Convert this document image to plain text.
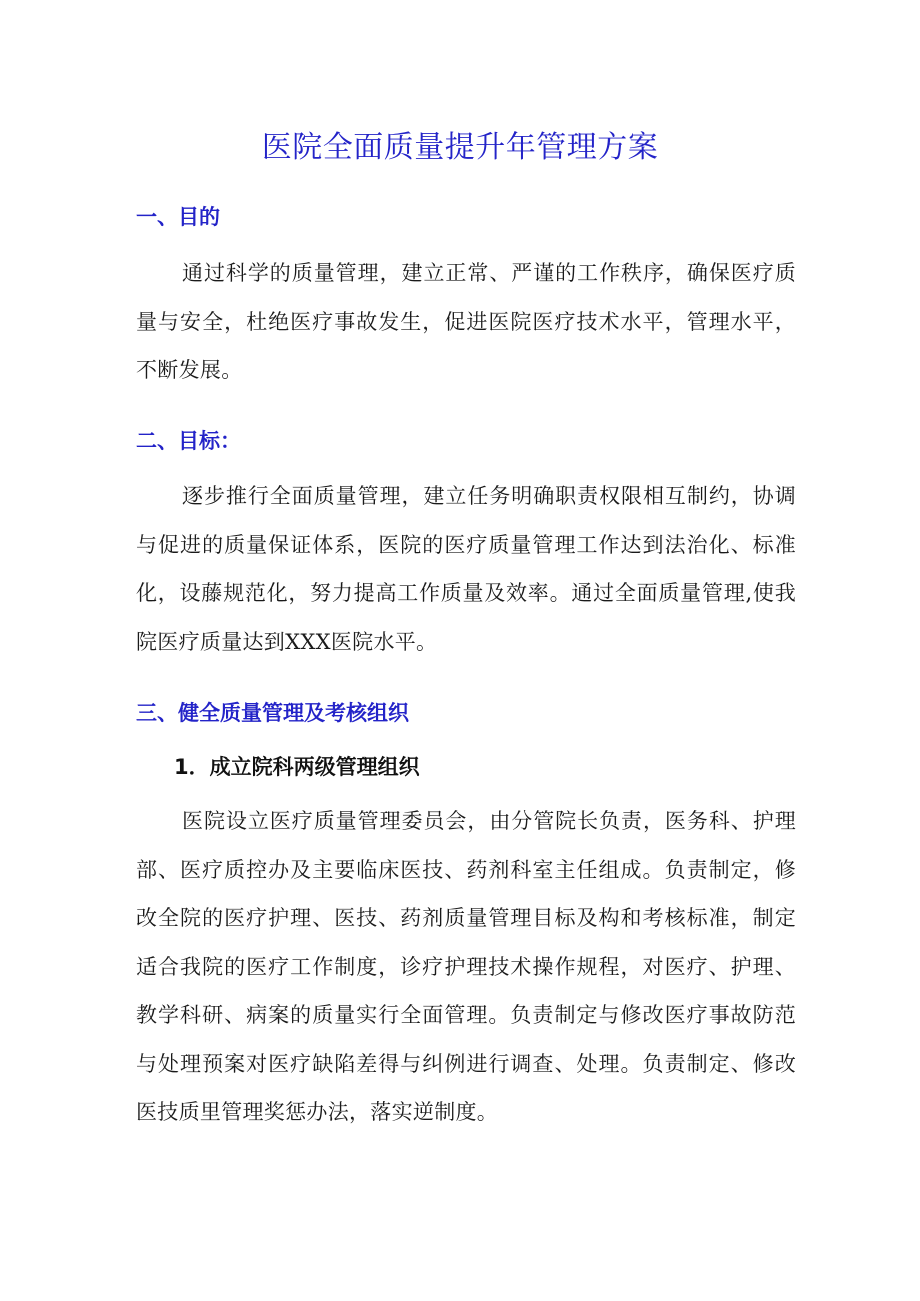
医院全面质量提升年管理方案
一、目的
通过科学的质量管理，建立正常、严谨的工作秩序，确保医疗质量与安全，杜绝医疗事故发生，促进医院医疗技术水平，管理水平，不断发展。
二、目标：
逐步推行全面质量管理，建立任务明确职责权限相互制约，协调与促进的质量保证体系，医院的医疗质量管理工作达到法治化、标准化，设藤规范化，努力提高工作质量及效率。通过全面质量管理,使我院医疗质量达到XXX医院水平。
三、健全质量管理及考核组织
1．成立院科两级管理组织
医院设立医疗质量管理委员会，由分管院长负责，医务科、护理部、医疗质控办及主要临床医技、药剂科室主任组成。负责制定，修改全院的医疗护理、医技、药剂质量管理目标及构和考核标准，制定适合我院的医疗工作制度，诊疗护理技术操作规程，对医疗、护理、教学科研、病案的质量实行全面管理。负责制定与修改医疗事故防范与处理预案对医疗缺陷差得与纠例进行调查、处理。负责制定、修改医技质里管理奖惩办法，落实逆制度。
